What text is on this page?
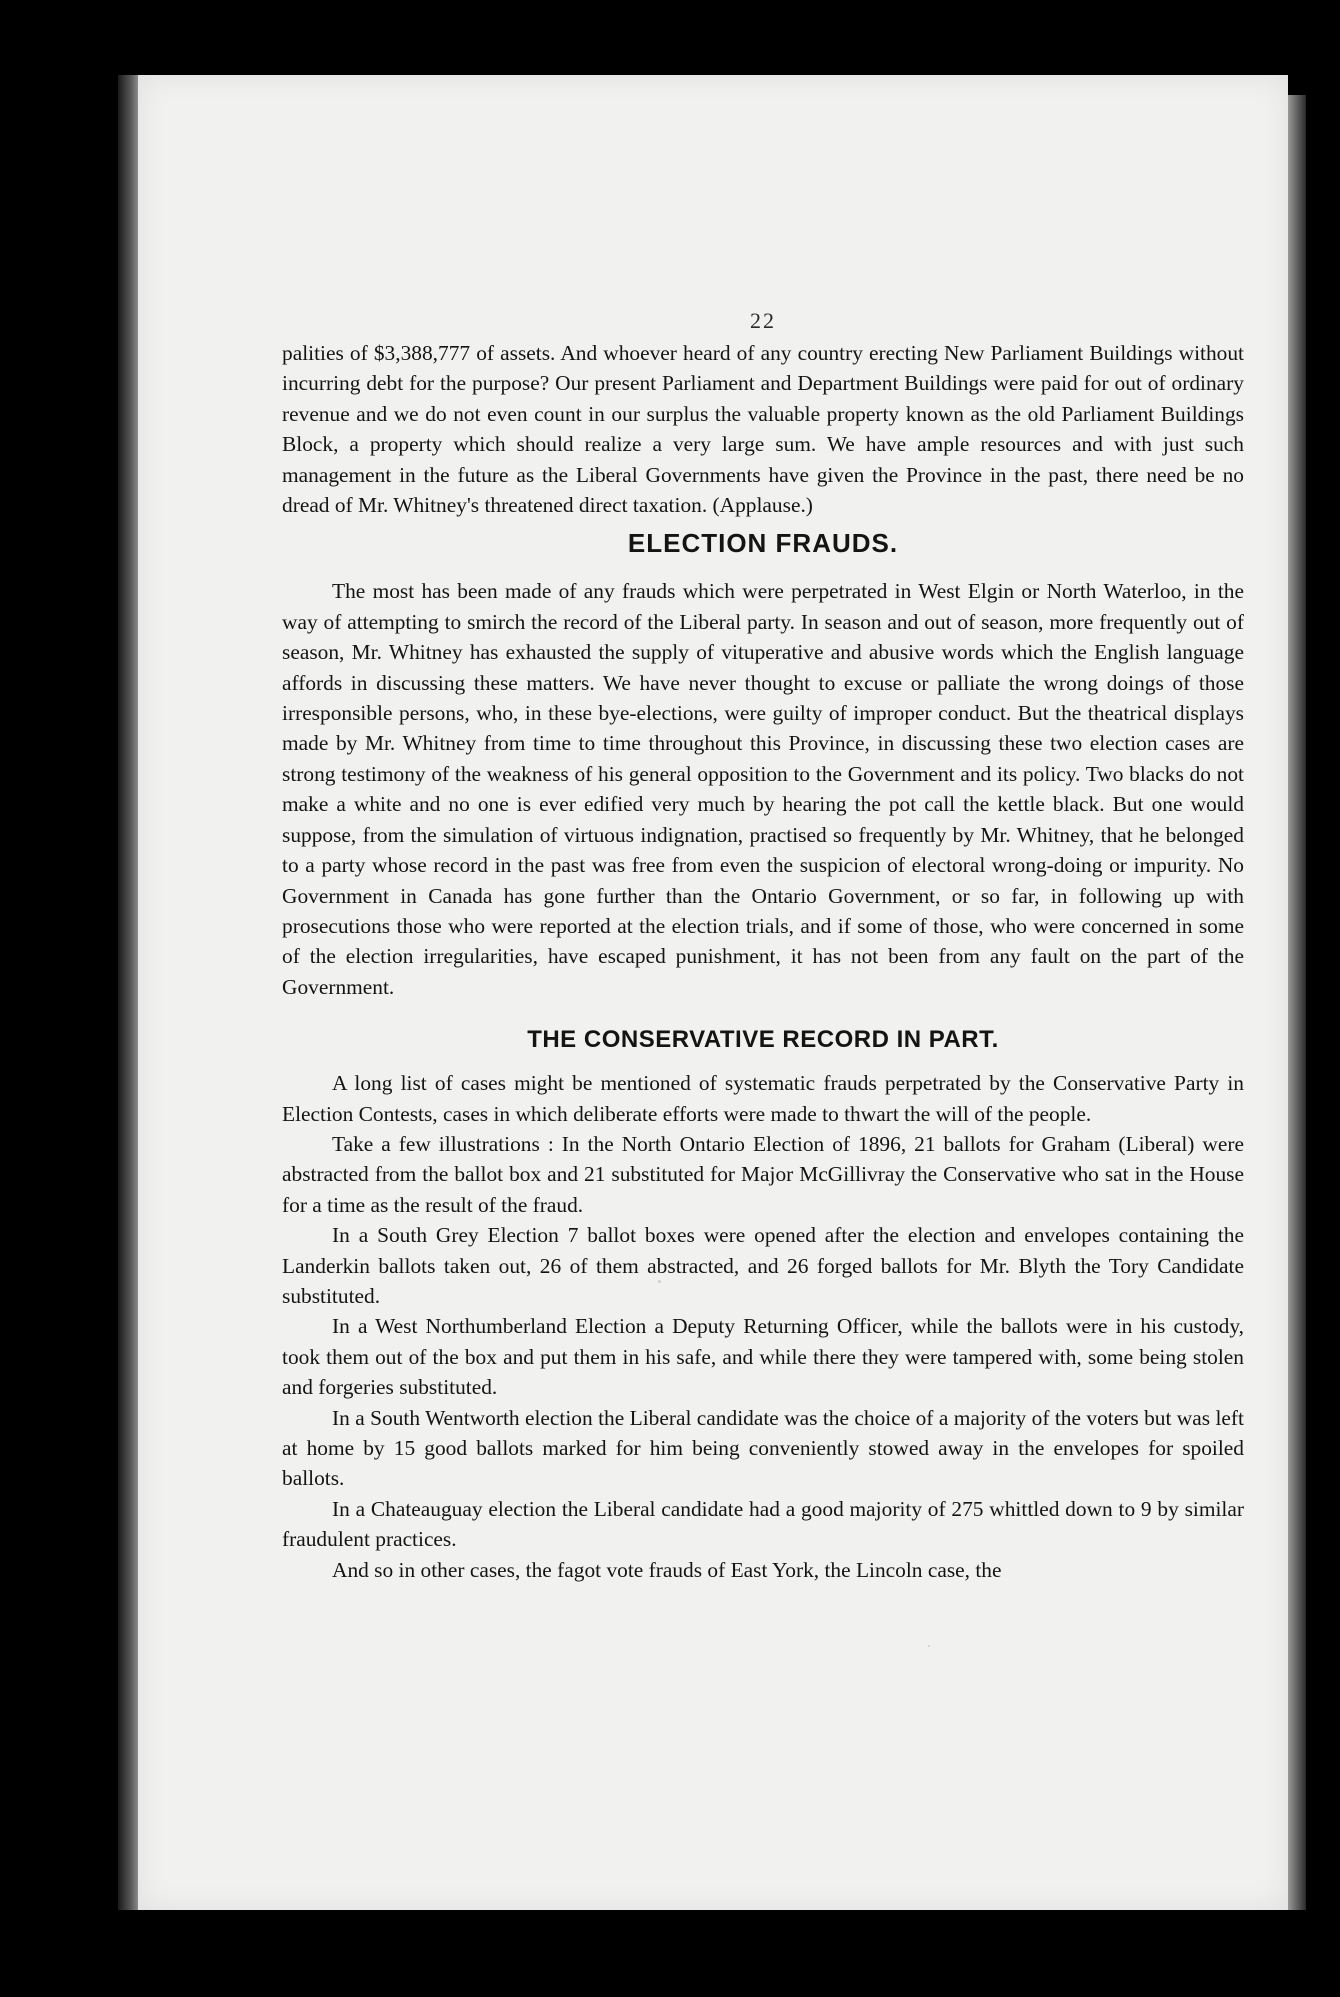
22

palities of $3,388,777 of assets. And whoever heard of any country erecting New Parliament Buildings without incurring debt for the purpose? Our present Parliament and Department Buildings were paid for out of ordinary revenue and we do not even count in our surplus the valuable property known as the old Parliament Buildings Block, a property which should realize a very large sum. We have ample resources and with just such management in the future as the Liberal Governments have given the Province in the past, there need be no dread of Mr. Whitney's threatened direct taxation. (Applause.)

ELECTION FRAUDS.

The most has been made of any frauds which were perpetrated in West Elgin or North Waterloo, in the way of attempting to smirch the record of the Liberal party. In season and out of season, more frequently out of season, Mr. Whitney has exhausted the supply of vituperative and abusive words which the English language affords in discussing these matters. We have never thought to excuse or palliate the wrong doings of those irresponsible persons, who, in these bye-elections, were guilty of improper conduct. But the theatrical displays made by Mr. Whitney from time to time throughout this Province, in discussing these two election cases are strong testimony of the weakness of his general opposition to the Government and its policy. Two blacks do not make a white and no one is ever edified very much by hearing the pot call the kettle black. But one would suppose, from the simulation of virtuous indignation, practised so frequently by Mr. Whitney, that he belonged to a party whose record in the past was free from even the suspicion of electoral wrong-doing or impurity. No Government in Canada has gone further than the Ontario Government, or so far, in following up with prosecutions those who were reported at the election trials, and if some of those, who were concerned in some of the election irregularities, have escaped punishment, it has not been from any fault on the part of the Government.

THE CONSERVATIVE RECORD IN PART.

A long list of cases might be mentioned of systematic frauds perpetrated by the Conservative Party in Election Contests, cases in which deliberate efforts were made to thwart the will of the people.

Take a few illustrations : In the North Ontario Election of 1896, 21 ballots for Graham (Liberal) were abstracted from the ballot box and 21 substituted for Major McGillivray the Conservative who sat in the House for a time as the result of the fraud.

In a South Grey Election 7 ballot boxes were opened after the election and envelopes containing the Landerkin ballots taken out, 26 of them abstracted, and 26 forged ballots for Mr. Blyth the Tory Candidate substituted.

In a West Northumberland Election a Deputy Returning Officer, while the ballots were in his custody, took them out of the box and put them in his safe, and while there they were tampered with, some being stolen and forgeries substituted.

In a South Wentworth election the Liberal candidate was the choice of a majority of the voters but was left at home by 15 good ballots marked for him being conveniently stowed away in the envelopes for spoiled ballots.

In a Chateauguay election the Liberal candidate had a good majority of 275 whittled down to 9 by similar fraudulent practices.

And so in other cases, the fagot vote frauds of East York, the Lincoln case, the
